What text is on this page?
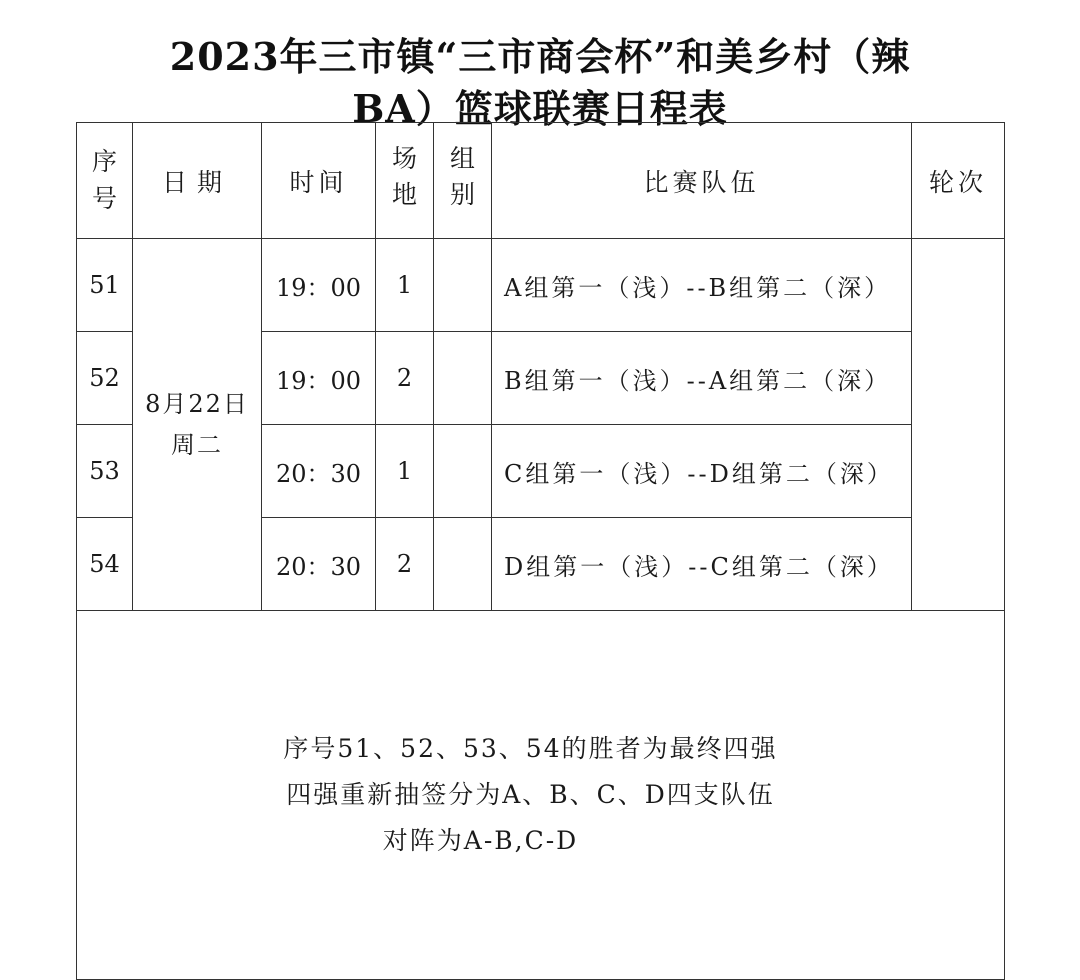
2023年三市镇“三市商会杯”和美乡村（辣
BA）篮球联赛日程表
序号	日期	时间	场地	组别	比赛队伍	轮次
51	8月22日
周二	19：00	1		A组第一（浅）--B组第二（深）	
52		19：00	2		B组第一（浅）--A组第二（深）	
53		20：30	1		C组第一（浅）--D组第二（深）	
54		20：30	2		D组第一（浅）--C组第二（深）	

序号51、52、53、54的胜者为最终四强
四强重新抽签分为A、B、C、D四支队伍
对阵为A-B,C-D						
